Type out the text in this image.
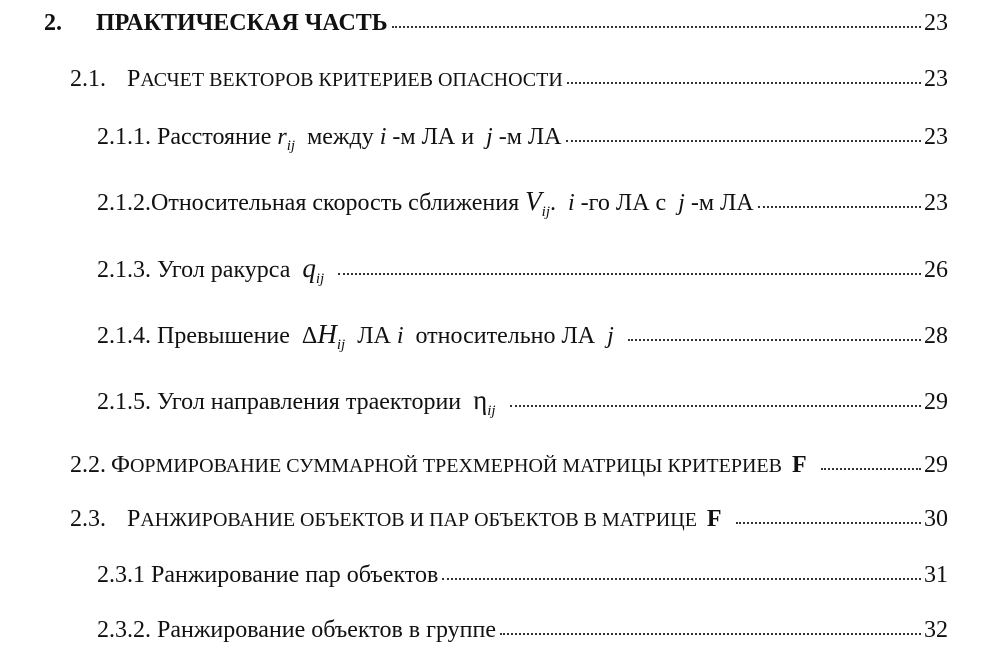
2.	ПРАКТИЧЕСКАЯ ЧАСТЬ	23
2.1. РАСЧЕТ ВЕКТОРОВ КРИТЕРИЕВ ОПАСНОСТИ	23
2.1.1. Расстояние $r_{ij}$ между i -м ЛА и j -м ЛА	23
2.1.2. Относительная скорость сближения $V_{ij}$. i -го ЛА с j -м ЛА	23
2.1.3. Угол ракурса $q_{ij}$	26
2.1.4. Превышение $\Delta H_{ij}$ ЛА i относительно ЛА j	28
2.1.5. Угол направления траектории $\eta_{ij}$	29
2.2. ФОРМИРОВАНИЕ СУММАРНОЙ ТРЕХМЕРНОЙ МАТРИЦЫ КРИТЕРИЕВ F	29
2.3. РАНЖИРОВАНИЕ ОБЪЕКТОВ И ПАР ОБЪЕКТОВ В МАТРИЦЕ F	30
2.3.1 Ранжирование пар объектов	31
2.3.2. Ранжирование объектов в группе	32
